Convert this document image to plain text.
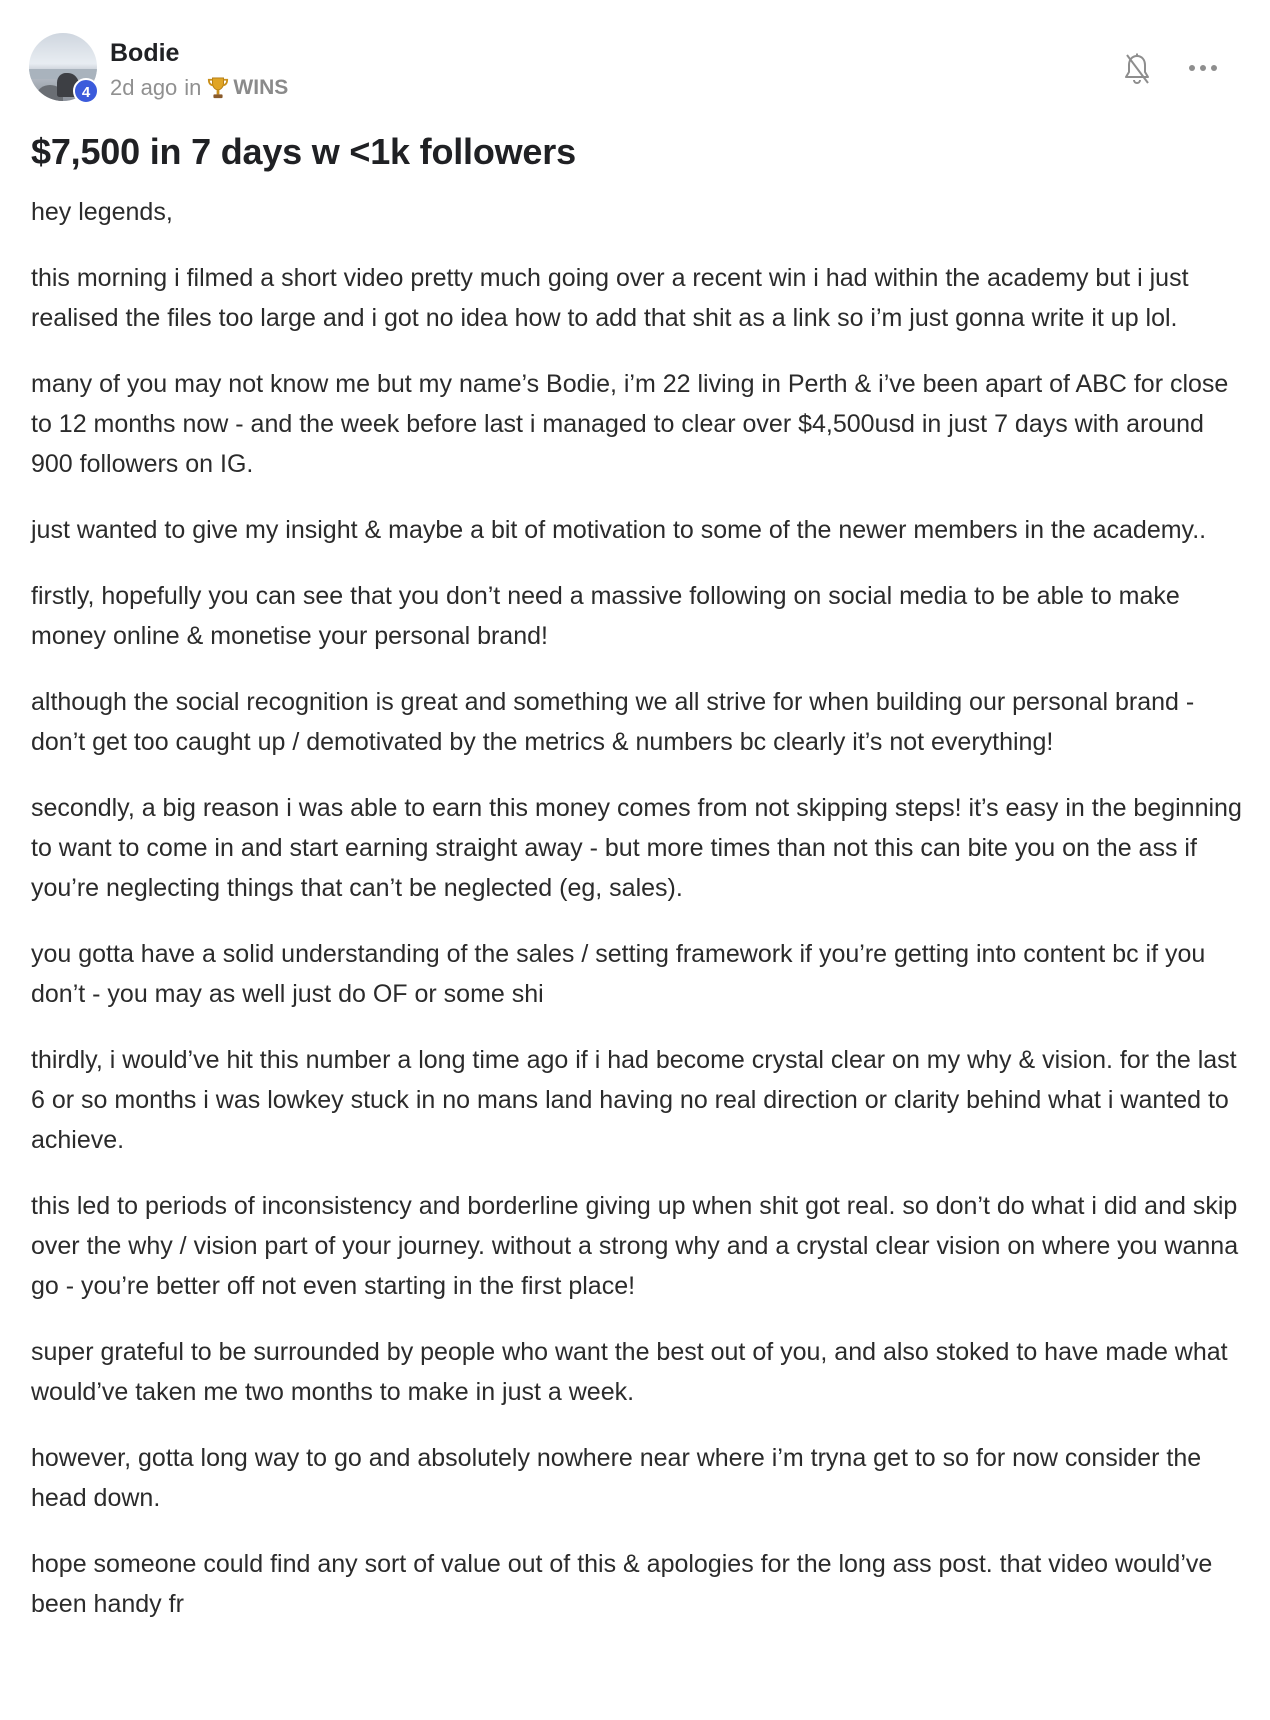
4
Bodie
2d ago in WINS
$7,500 in 7 days w <1k followers

hey legends,

this morning i filmed a short video pretty much going over a recent win i had within the academy but i just realised the files too large and i got no idea how to add that shit as a link so i’m just gonna write it up lol.

many of you may not know me but my name’s Bodie, i’m 22 living in Perth & i’ve been apart of ABC for close to 12 months now - and the week before last i managed to clear over $4,500usd in just 7 days with around 900 followers on IG.

just wanted to give my insight & maybe a bit of motivation to some of the newer members in the academy..

firstly, hopefully you can see that you don’t need a massive following on social media to be able to make money online & monetise your personal brand!

although the social recognition is great and something we all strive for when building our personal brand - don’t get too caught up / demotivated by the metrics & numbers bc clearly it’s not everything!

secondly, a big reason i was able to earn this money comes from not skipping steps! it’s easy in the beginning to want to come in and start earning straight away - but more times than not this can bite you on the ass if you’re neglecting things that can’t be neglected (eg, sales).

you gotta have a solid understanding of the sales / setting framework if you’re getting into content bc if you don’t - you may as well just do OF or some shi

thirdly, i would’ve hit this number a long time ago if i had become crystal clear on my why & vision. for the last 6 or so months i was lowkey stuck in no mans land having no real direction or clarity behind what i wanted to achieve.

this led to periods of inconsistency and borderline giving up when shit got real. so don’t do what i did and skip over the why / vision part of your journey. without a strong why and a crystal clear vision on where you wanna go - you’re better off not even starting in the first place!

super grateful to be surrounded by people who want the best out of you, and also stoked to have made what would’ve taken me two months to make in just a week.

however, gotta long way to go and absolutely nowhere near where i’m tryna get to so for now consider the head down.

hope someone could find any sort of value out of this & apologies for the long ass post. that video would’ve been handy fr
